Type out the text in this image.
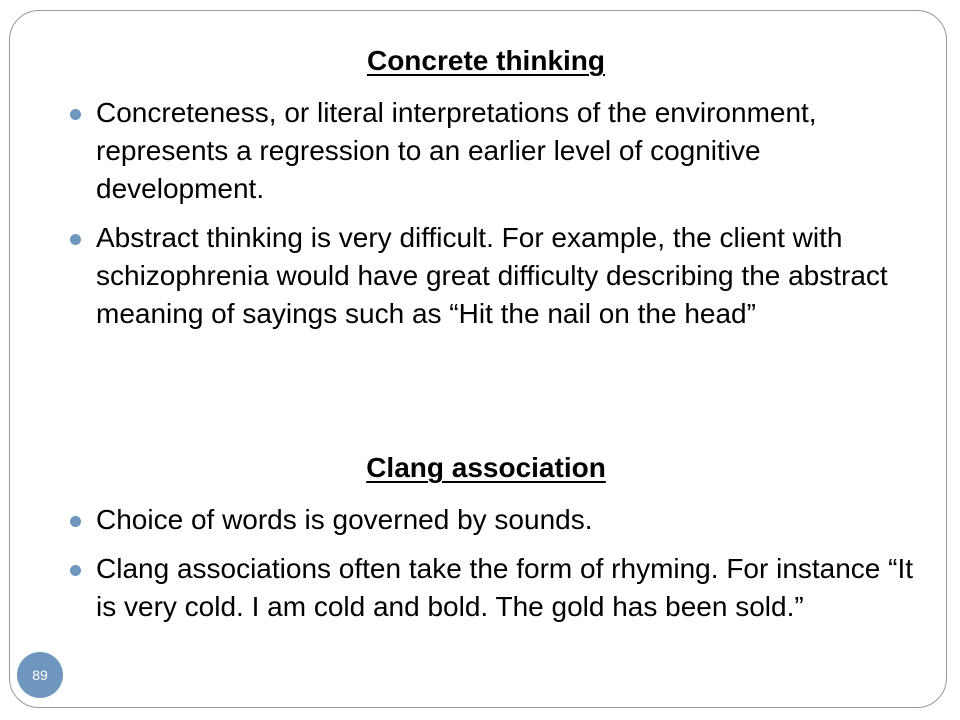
Concrete thinking
Concreteness, or literal interpretations of the environment, represents a regression to an earlier level of cognitive development.
Abstract thinking is very difficult. For example, the client with schizophrenia would have great difficulty describing the abstract meaning of sayings such as “Hit the nail on the head”
Clang association
Choice of words is governed by sounds.
Clang associations often take the form of rhyming. For instance “It is very cold. I am cold and bold. The gold has been sold.”
89
